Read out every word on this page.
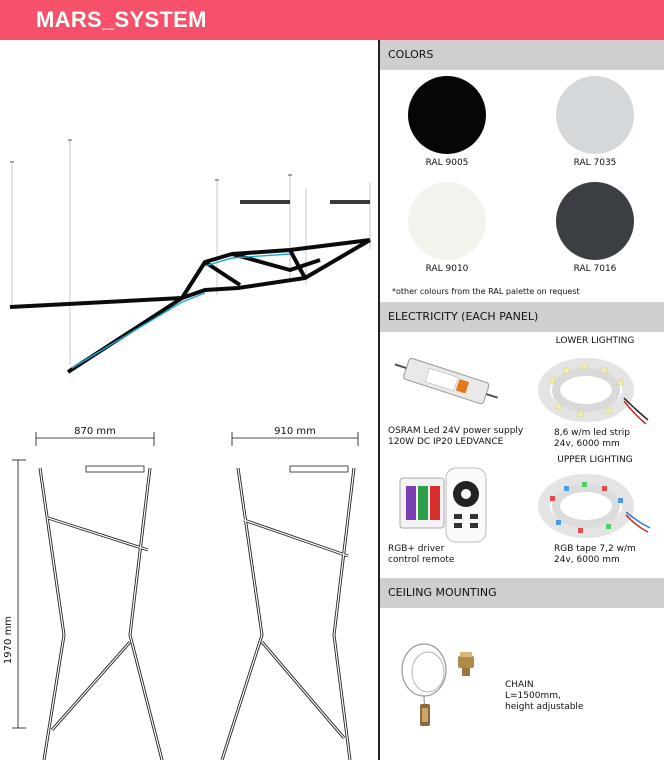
MARS_SYSTEM
870 mm	910 mm
1970 mm
COLORS
RAL 9005	RAL 7035
RAL 9010	RAL 7016
*other colours from the RAL palette on request
ELECTRICITY (EACH PANEL)
LOWER LIGHTING
OSRAM Led 24V power supply
120W DC IP20 LEDVANCE
8,6 w/m led strip
24v, 6000 mm
UPPER LIGHTING
RGB+ driver
control remote
RGB tape 7,2 w/m
24v, 6000 mm
CEILING MOUNTING
CHAIN
L=1500mm,
height adjustable
